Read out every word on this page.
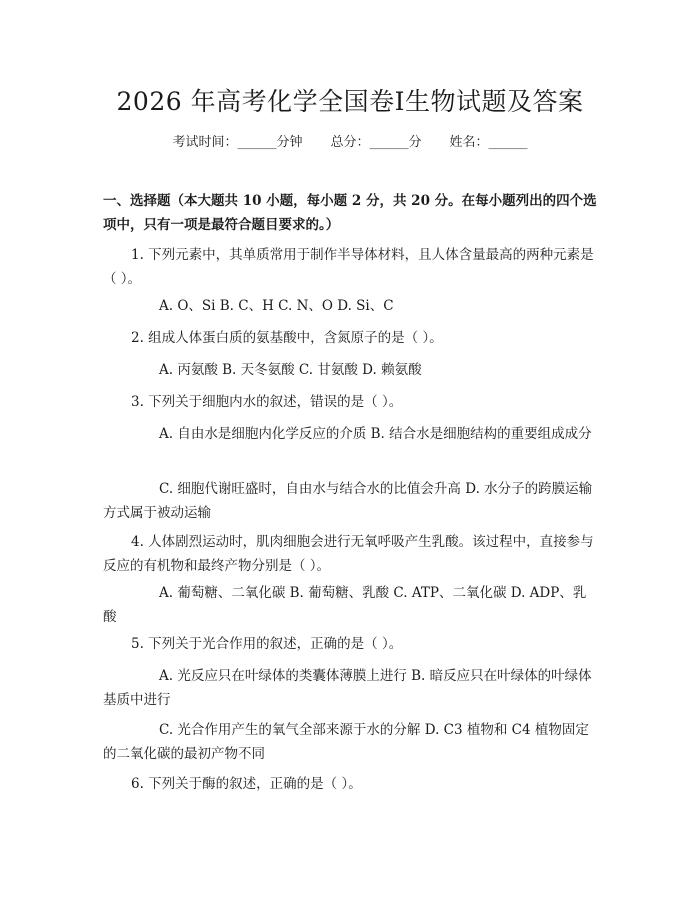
2026 年高考化学全国卷Ⅰ生物试题及答案
考试时间：______分钟 总分：______分 姓名：______

一、选择题（本大题共 10 小题，每小题 2 分，共 20 分。在每小题列出的四个选项中，只有一项是最符合题目要求的。）

1. 下列元素中，其单质常用于制作半导体材料，且人体含量最高的两种元素是（ ）。

A. O、Si B. C、H C. N、O D. Si、C

2. 组成人体蛋白质的氨基酸中，含氮原子的是（ ）。

A. 丙氨酸 B. 天冬氨酸 C. 甘氨酸 D. 赖氨酸

3. 下列关于细胞内水的叙述，错误的是（ ）。

A. 自由水是细胞内化学反应的介质 B. 结合水是细胞结构的重要组成成分

C. 细胞代谢旺盛时，自由水与结合水的比值会升高 D. 水分子的跨膜运输方式属于被动运输

4. 人体剧烈运动时，肌肉细胞会进行无氧呼吸产生乳酸。该过程中，直接参与反应的有机物和最终产物分别是（ ）。

A. 葡萄糖、二氧化碳 B. 葡萄糖、乳酸 C. ATP、二氧化碳 D. ADP、乳酸

5. 下列关于光合作用的叙述，正确的是（ ）。

A. 光反应只在叶绿体的类囊体薄膜上进行 B. 暗反应只在叶绿体的叶绿体基质中进行

C. 光合作用产生的氧气全部来源于水的分解 D. C3 植物和 C4 植物固定的二氧化碳的最初产物不同

6. 下列关于酶的叙述，正确的是（ ）。
